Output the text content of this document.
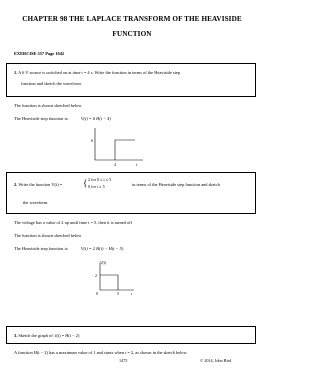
CHAPTER 98 THE LAPLACE TRANSFORM OF THE HEAVISIDE FUNCTION
EXERCISE 357 Page 1042
1. A 6 V source is switched on at time t = 4 s. Write the function in terms of the Heaviside step
function and sketch the waveform.
The function is shown sketched below
The Heaviside step function is:	V(t) = 6 H(t − 4)
6
4	t
2. Write the function V(t) = { 2 for 0 ≤ t ≤ 5
0 for t ≥ 5	in terms of the Heaviside step function and sketch
the waveform.
The voltage has a value of 2 up until time t = 5, then it is turned off
The function is shown sketched below
The Heaviside step function is:	V(t) = 2 H(t) − H(t − 5)
V(t)
2
0	5	t
3. Sketch the graph of: f(t) = H(t − 2)
A function H(t − 2) has a maximum value of 1 and starts when t = 2, as shown in the sketch below
1475	© 2014, John Bird
